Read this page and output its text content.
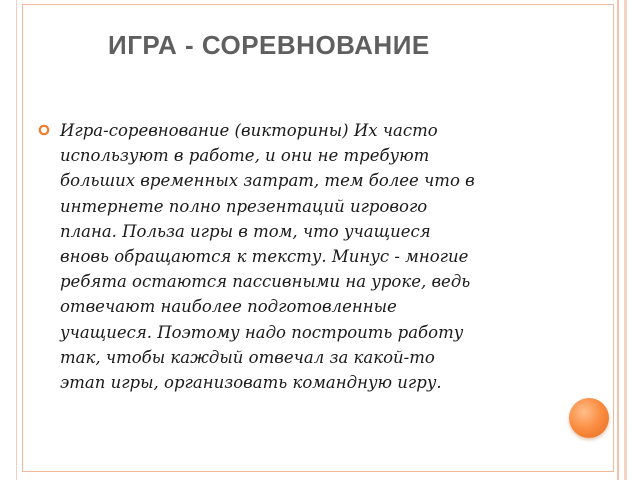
ИГРА - СОРЕВНОВАНИЕ
Игра-соревнование (викторины) Их часто
используют в работе, и они не требуют
больших временных затрат, тем более что в
интернете полно презентаций игрового
плана. Польза игры в том, что учащиеся
вновь обращаются к тексту. Минус - многие
ребята остаются пассивными на уроке, ведь
отвечают наиболее подготовленные
учащиеся. Поэтому надо построить работу
так, чтобы каждый отвечал за какой-то
этап игры, организовать командную игру.
